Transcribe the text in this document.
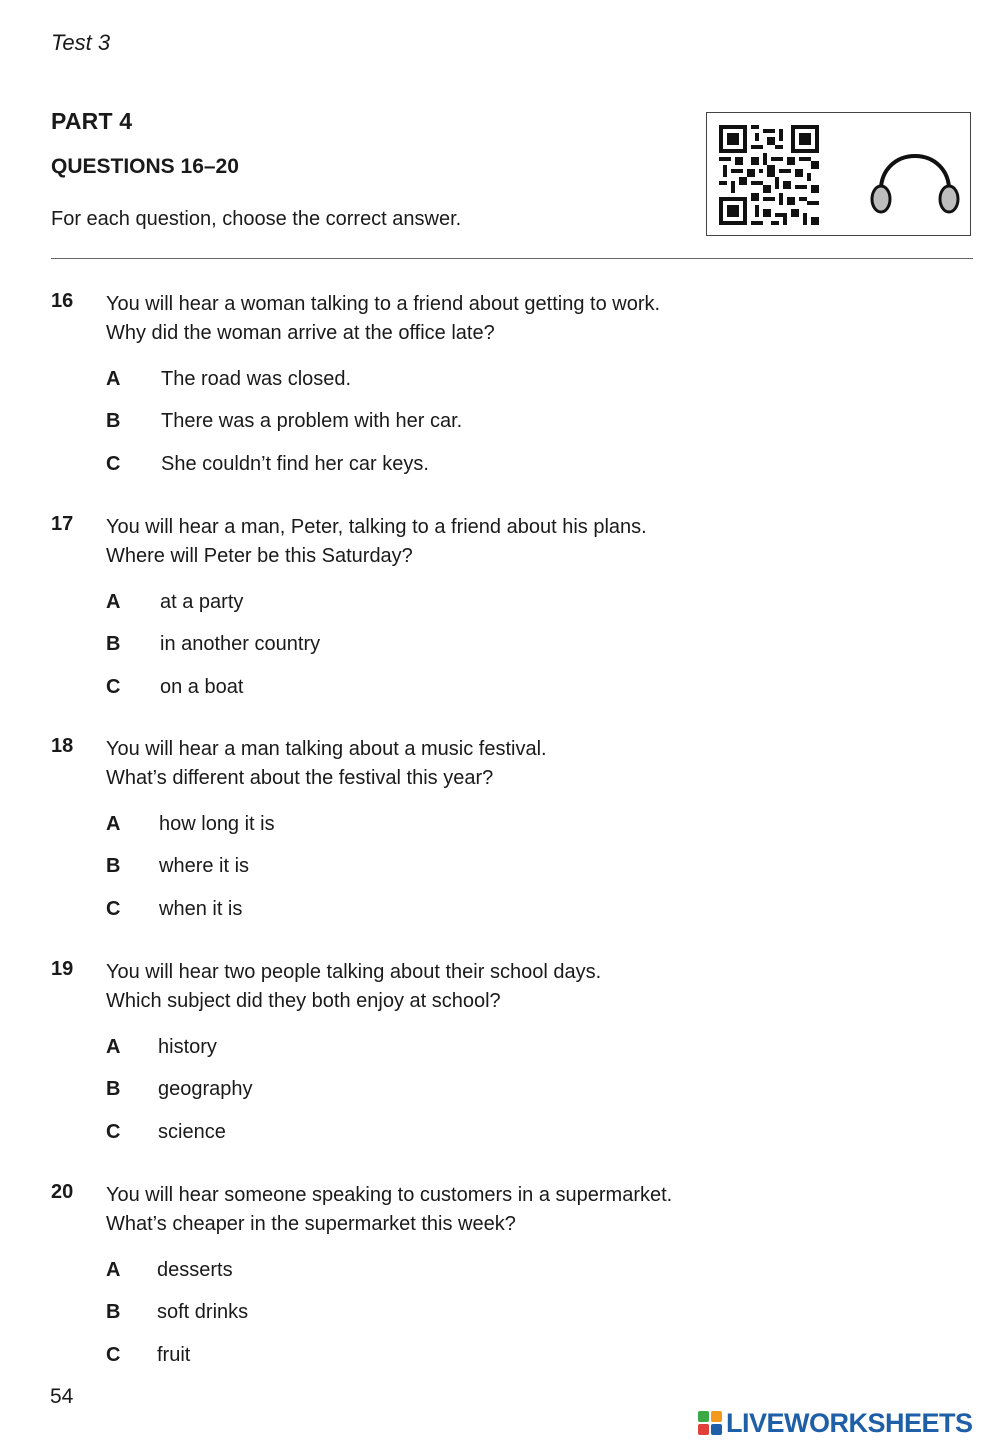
Test 3
PART 4
QUESTIONS 16–20
For each question, choose the correct answer.
16 You will hear a woman talking to a friend about getting to work.
Why did the woman arrive at the office late?
A The road was closed.
B There was a problem with her car.
C She couldn’t find her car keys.
17 You will hear a man, Peter, talking to a friend about his plans.
Where will Peter be this Saturday?
A at a party
B in another country
C on a boat
18 You will hear a man talking about a music festival.
What’s different about the festival this year?
A how long it is
B where it is
C when it is
19 You will hear two people talking about their school days.
Which subject did they both enjoy at school?
A history
B geography
C science
20 You will hear someone speaking to customers in a supermarket.
What’s cheaper in the supermarket this week?
A desserts
B soft drinks
C fruit
54
LIVEWORKSHEETS
